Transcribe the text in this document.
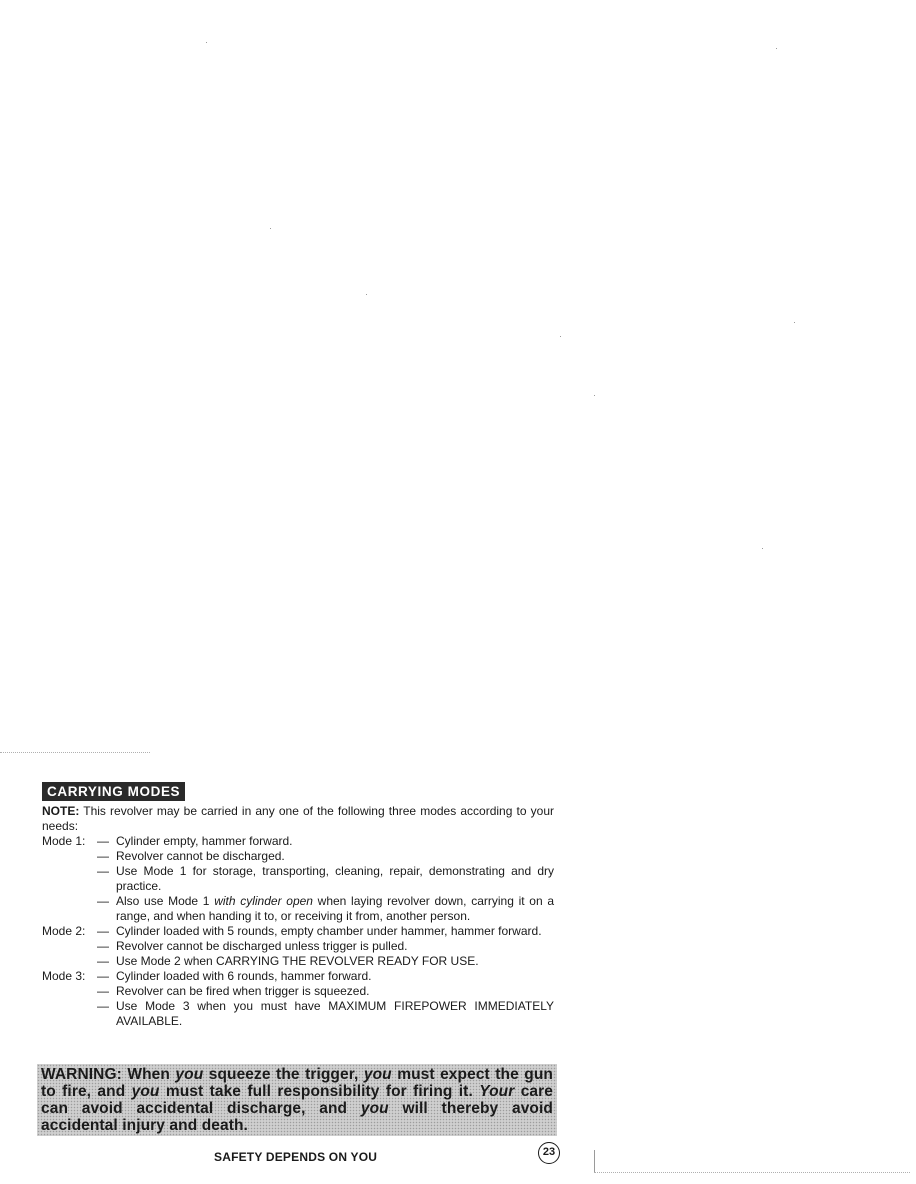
CARRYING MODES
NOTE: This revolver may be carried in any one of the following three modes according to your needs:
Mode 1: — Cylinder empty, hammer forward.
— Revolver cannot be discharged.
— Use Mode 1 for storage, transporting, cleaning, repair, demonstrating and dry practice.
— Also use Mode 1 with cylinder open when laying revolver down, carrying it on a range, and when handing it to, or receiving it from, another person.
Mode 2: — Cylinder loaded with 5 rounds, empty chamber under hammer, hammer forward.
— Revolver cannot be discharged unless trigger is pulled.
— Use Mode 2 when CARRYING THE REVOLVER READY FOR USE.
Mode 3: — Cylinder loaded with 6 rounds, hammer forward.
— Revolver can be fired when trigger is squeezed.
— Use Mode 3 when you must have MAXIMUM FIREPOWER IMMEDIATELY AVAILABLE.
WARNING: When you squeeze the trigger, you must expect the gun to fire, and you must take full responsibility for firing it. Your care can avoid accidental discharge, and you will thereby avoid accidental injury and death.
SAFETY DEPENDS ON YOU	23
